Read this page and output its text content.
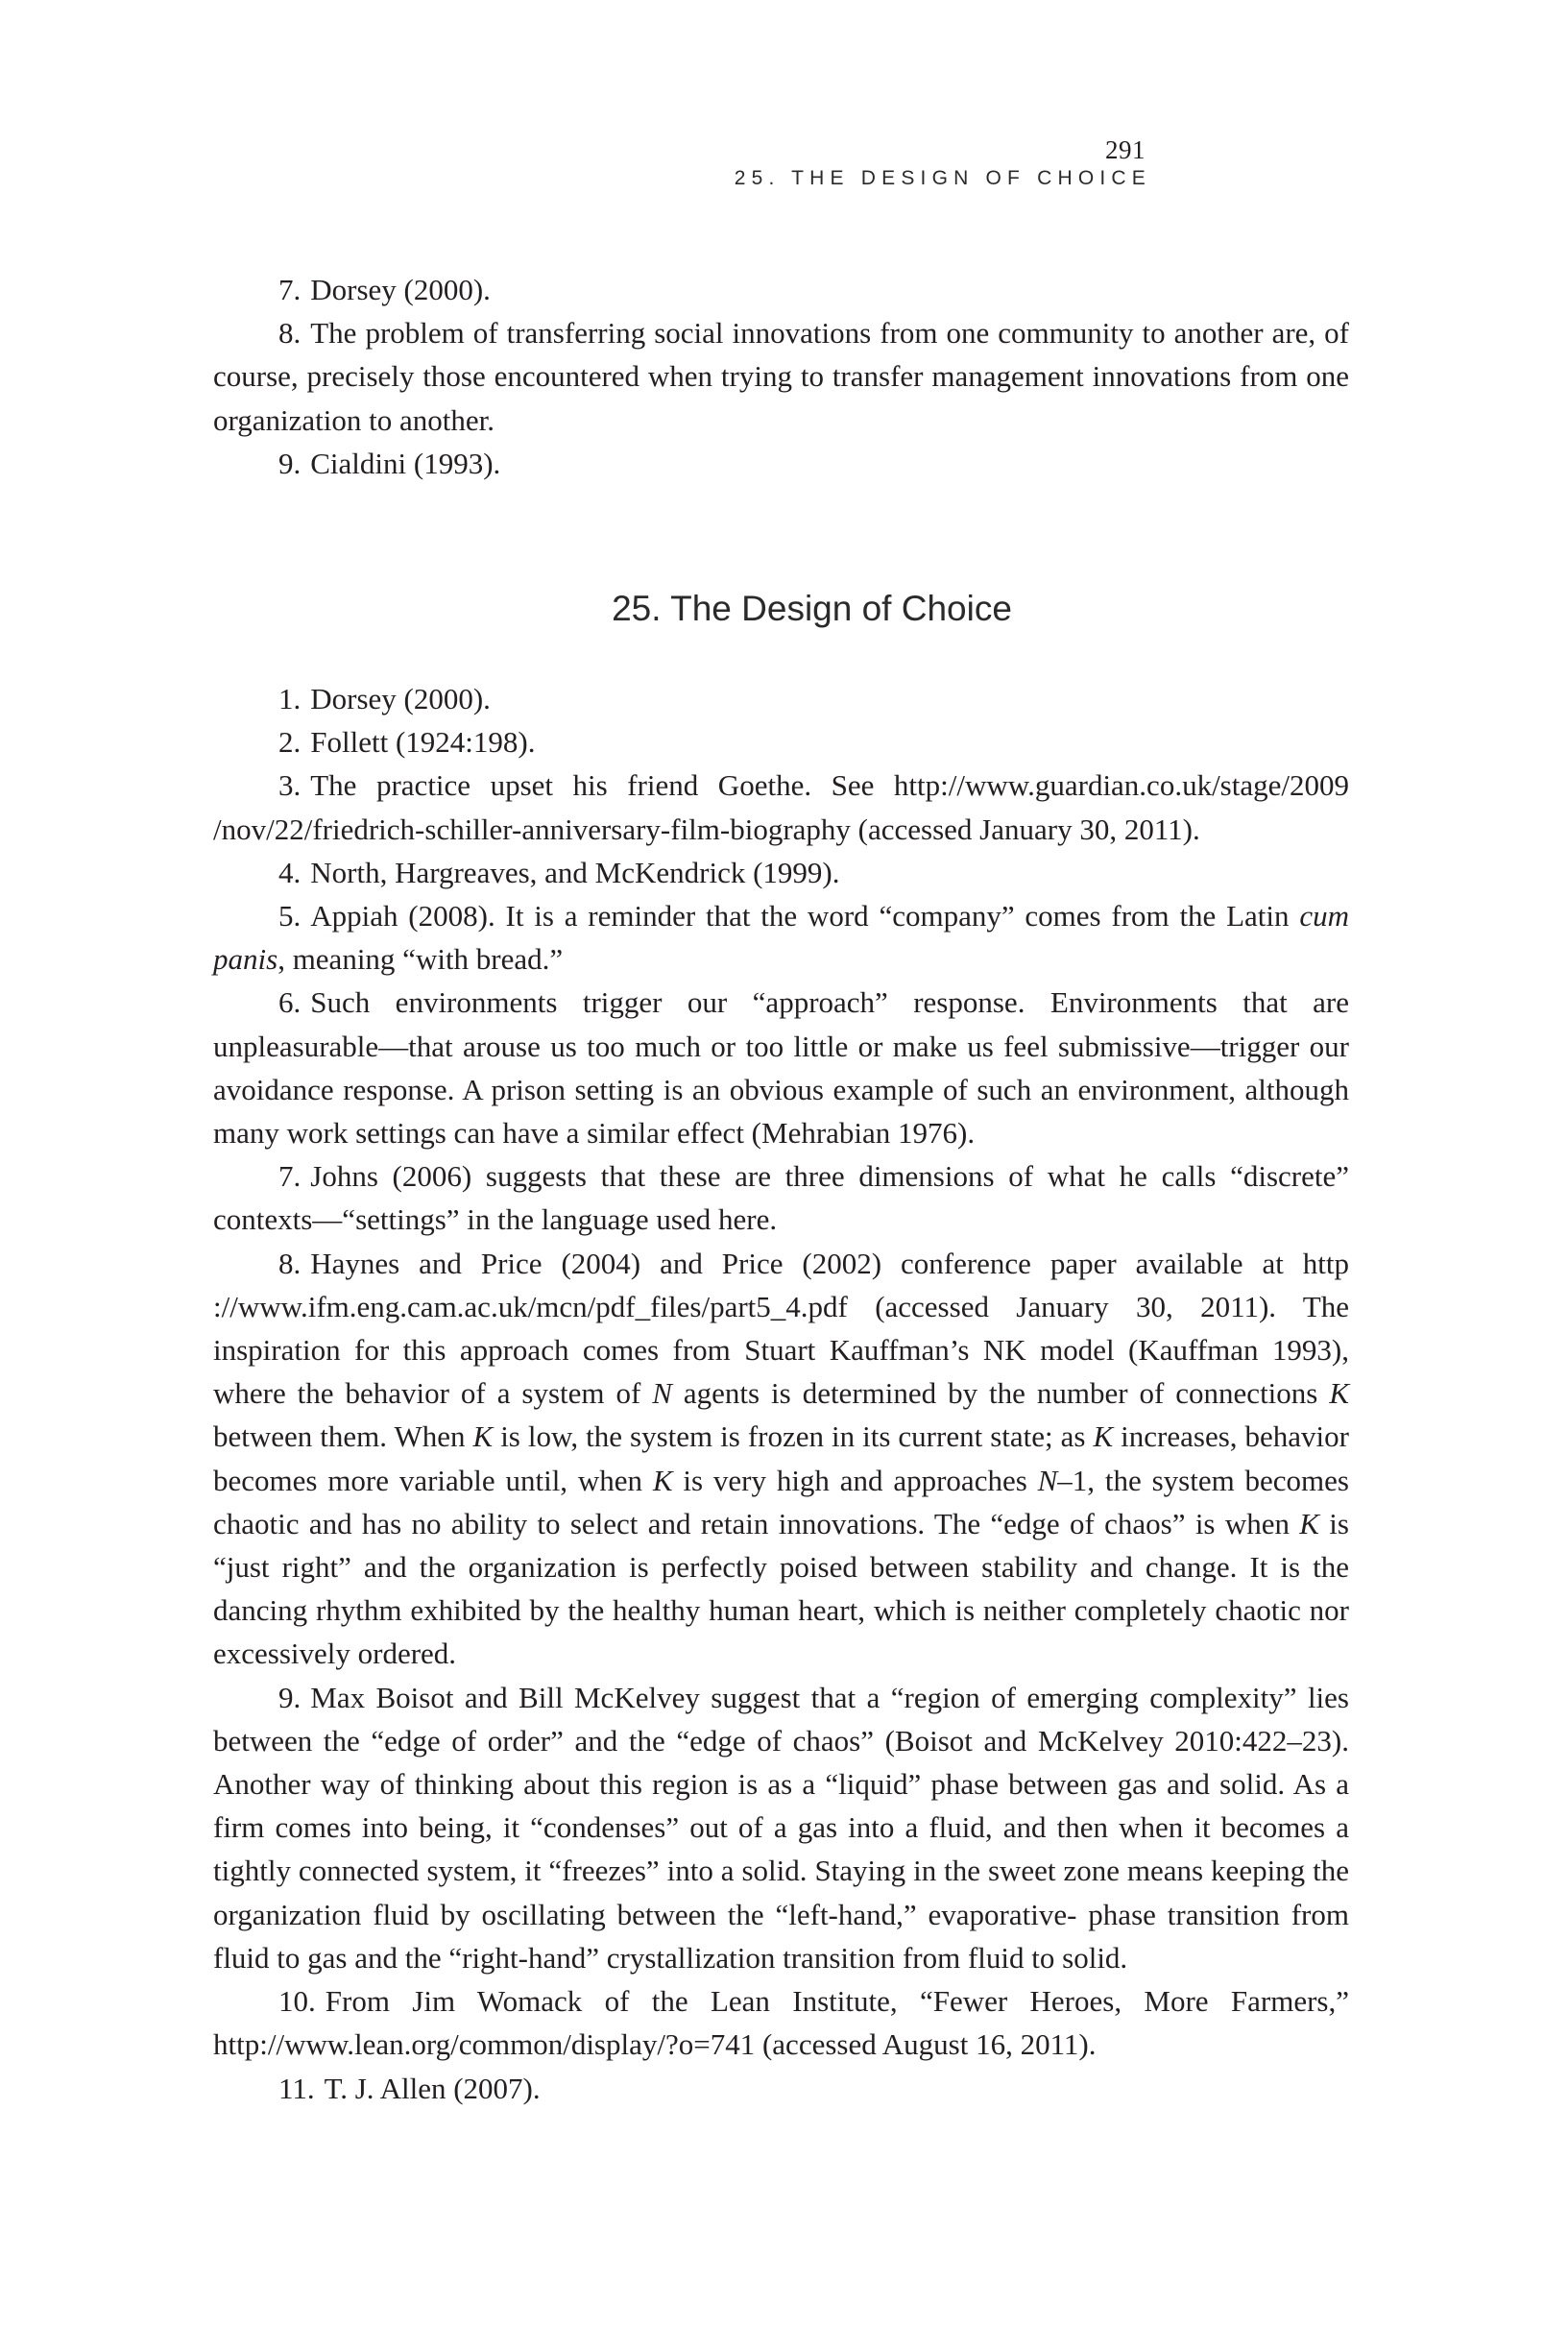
291
25. THE DESIGN OF CHOICE

7. Dorsey (2000).

8. The problem of transferring social innovations from one community to another are, of course, precisely those encountered when trying to transfer management innovations from one organization to another.

9. Cialdini (1993).

25. The Design of Choice

1. Dorsey (2000).

2. Follett (1924:198).

3. The practice upset his friend Goethe. See http://www.guardian.co.uk/stage/2009 /nov/22/friedrich-schiller-anniversary-film-biography (accessed January 30, 2011).

4. North, Hargreaves, and McKendrick (1999).

5. Appiah (2008). It is a reminder that the word “company” comes from the Latin cum panis, meaning “with bread.”

6. Such environments trigger our “approach” response. Environments that are unpleasurable—that arouse us too much or too little or make us feel submissive—trigger our avoidance response. A prison setting is an obvious example of such an environment, although many work settings can have a similar effect (Mehrabian 1976).

7. Johns (2006) suggests that these are three dimensions of what he calls “discrete” contexts—“settings” in the language used here.

8. Haynes and Price (2004) and Price (2002) conference paper available at http ://www.ifm.eng.cam.ac.uk/mcn/pdf_files/part5_4.pdf (accessed January 30, 2011). The inspiration for this approach comes from Stuart Kauffman’s NK model (Kauffman 1993), where the behavior of a system of N agents is determined by the number of connections K between them. When K is low, the system is frozen in its current state; as K increases, behavior becomes more variable until, when K is very high and approaches N–1, the system becomes chaotic and has no ability to select and retain innovations. The “edge of chaos” is when K is “just right” and the organization is perfectly poised between stability and change. It is the dancing rhythm exhibited by the healthy human heart, which is neither completely chaotic nor excessively ordered.

9. Max Boisot and Bill McKelvey suggest that a “region of emerging complexity” lies between the “edge of order” and the “edge of chaos” (Boisot and McKelvey 2010:422–23). Another way of thinking about this region is as a “liquid” phase between gas and solid. As a firm comes into being, it “condenses” out of a gas into a fluid, and then when it becomes a tightly connected system, it “freezes” into a solid. Staying in the sweet zone means keeping the organization fluid by oscillating between the “left-hand,” evaporative- phase transition from fluid to gas and the “right-hand” crystallization transition from fluid to solid.

10. From Jim Womack of the Lean Institute, “Fewer Heroes, More Farmers,” http://www.lean.org/common/display/?o=741 (accessed August 16, 2011).

11. T. J. Allen (2007).
